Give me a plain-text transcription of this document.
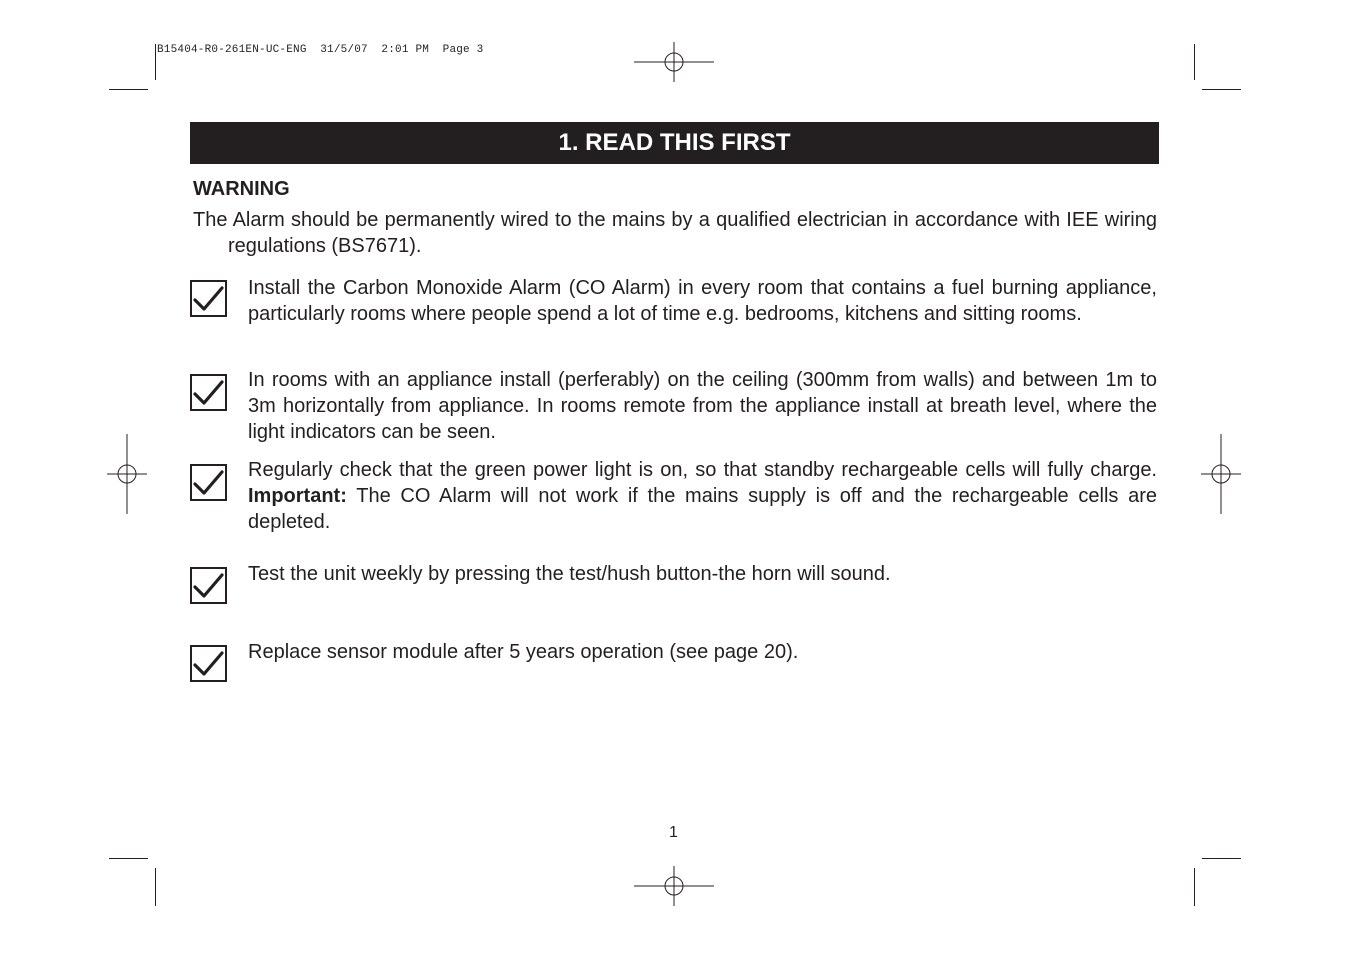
B15404-R0-261EN-UC-ENG  31/5/07  2:01 PM  Page 3
1. READ THIS FIRST
WARNING
The Alarm should be permanently wired to the mains by a qualified electrician in accordance with IEE wiring regulations (BS7671).
Install the Carbon Monoxide Alarm (CO Alarm) in every room that contains a fuel burning appliance, particularly rooms where people spend a lot of time e.g. bedrooms, kitchens and sitting rooms.
In rooms with an appliance install (perferably) on the ceiling (300mm from walls) and between 1m to 3m horizontally from appliance. In rooms remote from the appliance install at breath level, where the light indicators can be seen.
Regularly check that the green power light is on, so that standby rechargeable cells will fully charge. Important: The CO Alarm will not work if the mains supply is off and the rechargeable cells are depleted.
Test the unit weekly by pressing the test/hush button-the horn will sound.
Replace sensor module after 5 years operation (see page 20).
1
